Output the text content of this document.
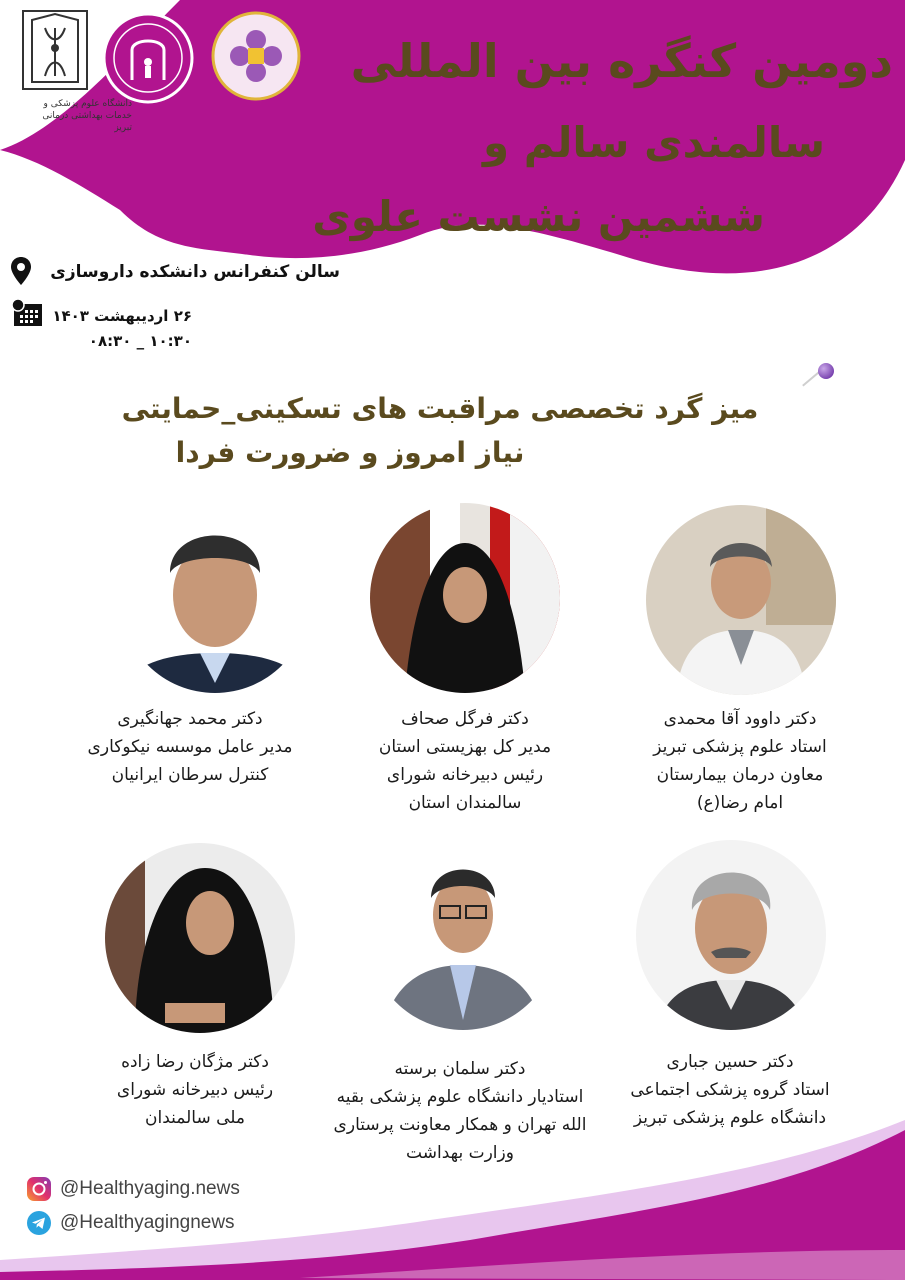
دانشگاه علوم پزشکی و خدمات بهداشتی درمانی تبریز
دومین کنگره بین المللی
سالمندی سالم و
ششمین نشست علوی
سالن کنفرانس دانشکده داروسازی
۲۶ اردیبهشت ۱۴۰۳
۱۰:۳۰ _ ۰۸:۳۰
میز گرد تخصصی مراقبت های تسکینی_حمایتی
نیاز امروز و ضرورت فردا
دکتر داوود آقا محمدی
استاد علوم پزشکی تبریز
معاون درمان بیمارستان
امام رضا(ع)
دکتر فرگل صحاف
مدیر کل بهزیستی استان
رئیس دبیرخانه شورای
سالمندان استان
دکتر محمد جهانگیری
مدیر عامل موسسه نیکوکاری
کنترل سرطان ایرانیان
دکتر حسین جباری
استاد گروه پزشکی اجتماعی
دانشگاه علوم پزشکی تبریز
دکتر سلمان برسته
استادیار دانشگاه علوم پزشکی بقیه
الله تهران و همکار معاونت پرستاری
وزارت بهداشت
دکتر مژگان رضا زاده
رئیس دبیرخانه شورای
ملی سالمندان
@Healthyaging.news
@Healthyagingnews
